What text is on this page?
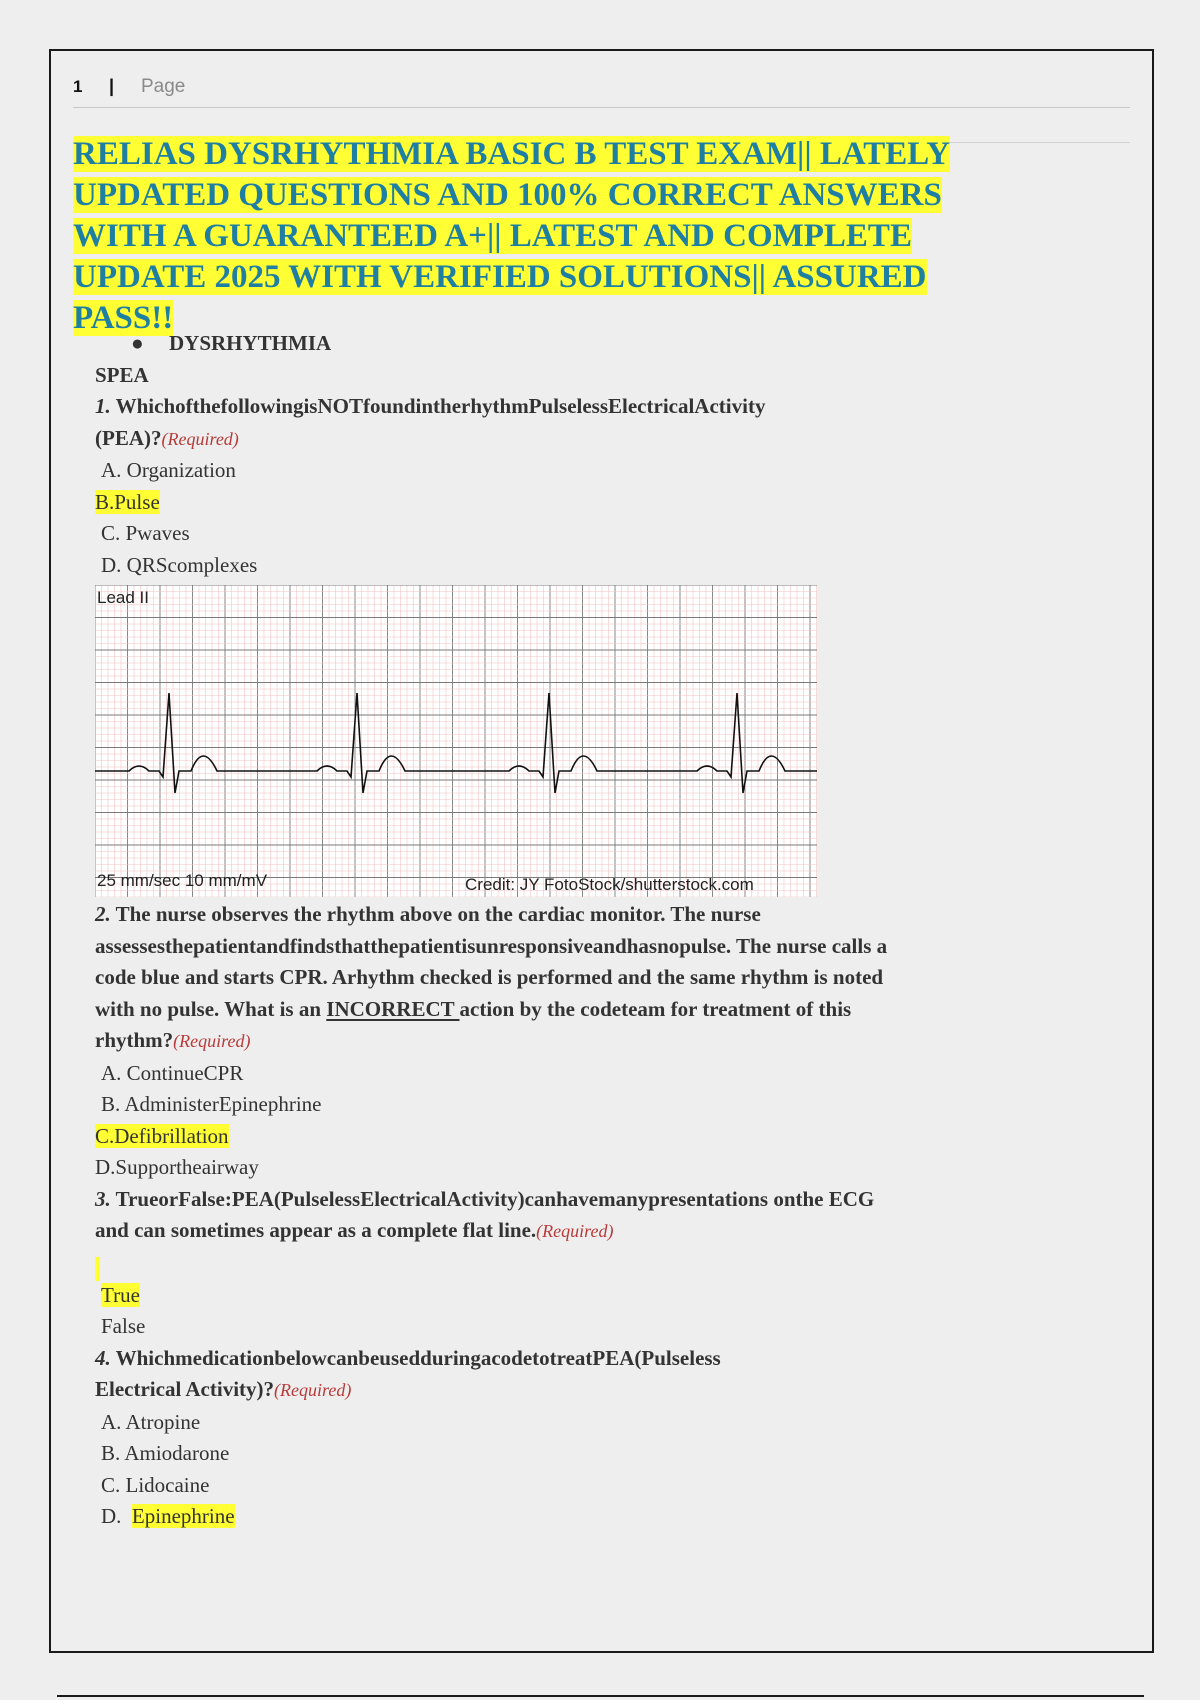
1 | Page
RELIAS DYSRHYTHMIA BASIC B TEST EXAM|| LATELY
UPDATED QUESTIONS AND 100% CORRECT ANSWERS
WITH A GUARANTEED A+|| LATEST AND COMPLETE
UPDATE 2025 WITH VERIFIED SOLUTIONS|| ASSURED
PASS!!
● DYSRHYTHMIA
SPEA
1. WhichofthefollowingisNOTfoundintherhythmPulselessElectricalActivity
(PEA)?(Required)
A. Organization
B.Pulse
C. Pwaves
D. QRScomplexes
Lead II
25 mm/sec 10 mm/mV	Credit: JY FotoStock/shutterstock.com
2. The nurse observes the rhythm above on the cardiac monitor. The nurse
assessesthepatientandfindsthatthepatientisunresponsiveandhasnopulse. The nurse calls a
code blue and starts CPR. Arhythm checked is performed and the same rhythm is noted
with no pulse. What is an INCORRECT action by the codeteam for treatment of this
rhythm?(Required)
A. ContinueCPR
B. AdministerEpinephrine
C.Defibrillation
D.Supportheairway
3. TrueorFalse:PEA(PulselessElectricalActivity)canhavemanypresentations onthe ECG
and can sometimes appear as a complete flat line.(Required)
True
False
4. WhichmedicationbelowcanbeusedduringacodetotreatPEA(Pulseless
Electrical Activity)?(Required)
A. Atropine
B. Amiodarone
C. Lidocaine
D.  Epinephrine
